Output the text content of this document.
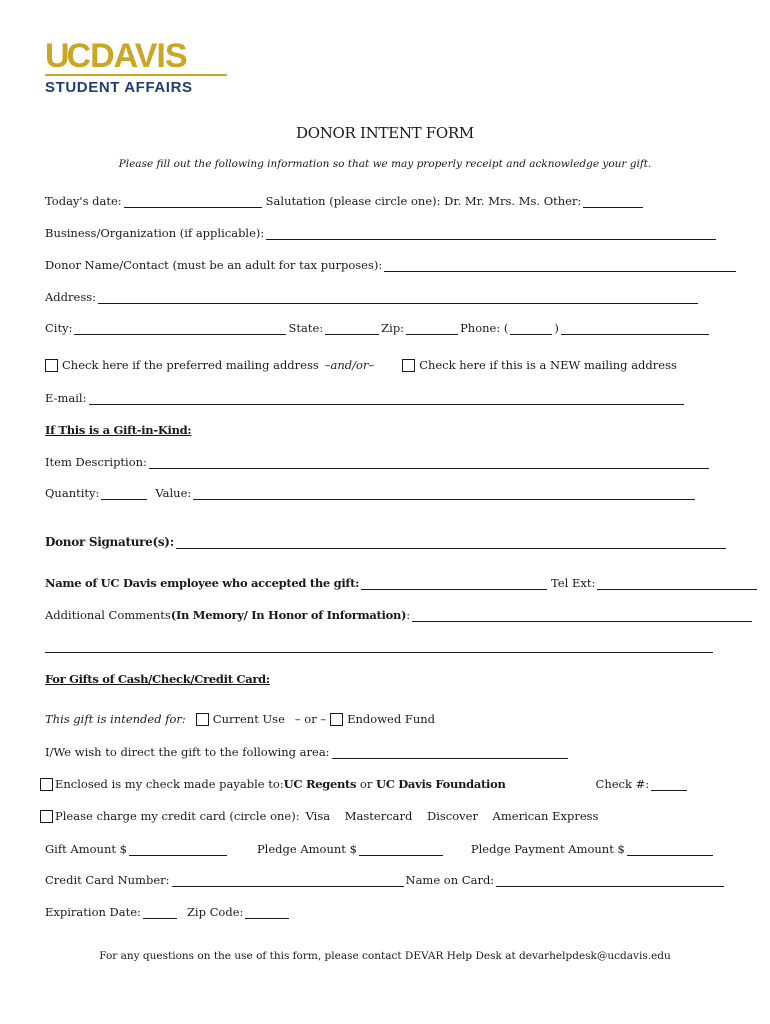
UCDAVIS
STUDENT AFFAIRS
DONOR INTENT FORM
Please fill out the following information so that we may properly receipt and acknowledge your gift.
Today's date:	Salutation (please circle one): Dr. Mr. Mrs. Ms. Other:
Business/Organization (if applicable):
Donor Name/Contact (must be an adult for tax purposes):
Address:
City:	State:	Zip:	Phone: (	)
Check here if the preferred mailing address –and/or–	Check here if this is a NEW mailing address
E-mail:
If This is a Gift-in-Kind:
Item Description:
Quantity:	Value:
Donor Signature(s):
Name of UC Davis employee who accepted the gift:	Tel Ext:
Additional Comments (In Memory/ In Honor of Information) :
For Gifts of Cash/Check/Credit Card:
This gift is intended for: Current Use – or – Endowed Fund
I/We wish to direct the gift to the following area:
Enclosed is my check made payable to: UC Regents or UC Davis Foundation	Check #:
Please charge my credit card (circle one): Visa    Mastercard    Discover    American Express
Gift Amount $	Pledge Amount $	Pledge Payment Amount $
Credit Card Number:	Name on Card:
Expiration Date:	Zip Code:
For any questions on the use of this form, please contact DEVAR Help Desk at devarhelpdesk@ucdavis.edu
